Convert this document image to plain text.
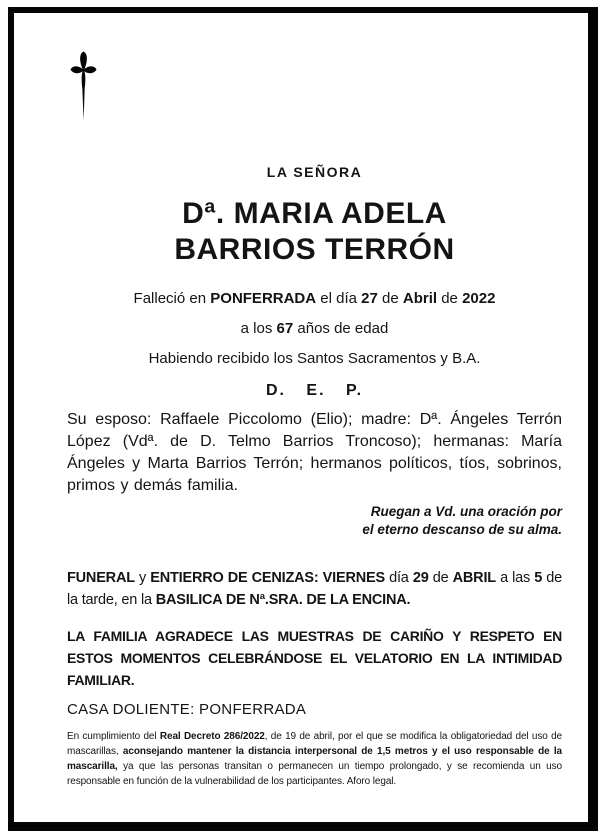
LA SEÑORA

Dª. MARIA ADELA
BARRIOS TERRÓN

Falleció en PONFERRADA el día 27 de Abril de 2022

a los 67 años de edad

Habiendo recibido los Santos Sacramentos y B.A.

D. E. P.

Su esposo: Raffaele Piccolomo (Elio); madre: Dª. Ángeles Terrón López (Vdª. de D. Telmo Barrios Troncoso); hermanas: María Ángeles y Marta Barrios Terrón; hermanos políticos, tíos, sobrinos, primos y demás familia.

Ruegan a Vd. una oración por
el eterno descanso de su alma.

FUNERAL y ENTIERRO DE CENIZAS: VIERNES día 29 de ABRIL a las 5 de la tarde, en la BASILICA DE Nª.SRA. DE LA ENCINA.

LA FAMILIA AGRADECE LAS MUESTRAS DE CARIÑO Y RESPETO EN ESTOS MOMENTOS CELEBRÁNDOSE EL VELATORIO EN LA INTIMIDAD FAMILIAR.

CASA DOLIENTE: PONFERRADA

En cumplimiento del Real Decreto 286/2022, de 19 de abril, por el que se modifica la obligatoriedad del uso de mascarillas, aconsejando mantener la distancia interpersonal de 1,5 metros y el uso responsable de la mascarilla, ya que las personas transitan o permanecen un tiempo prolongado, y se recomienda un uso responsable en función de la vulnerabilidad de los participantes. Aforo legal.
